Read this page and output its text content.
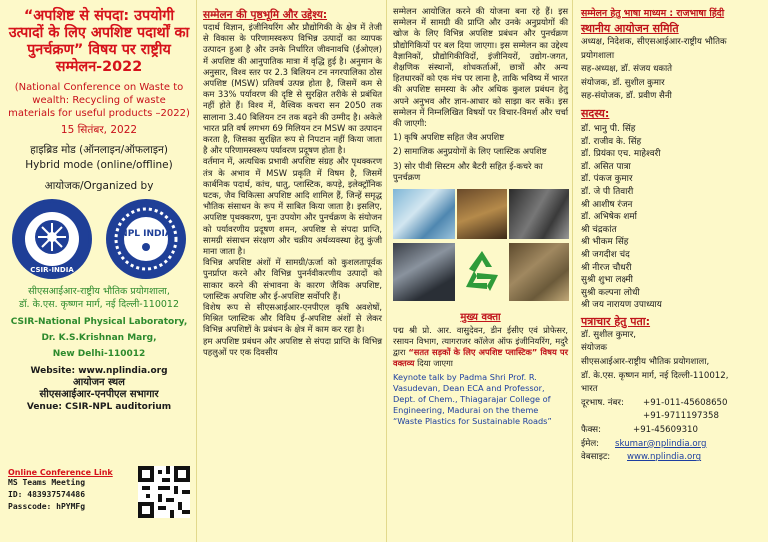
“अपशिष्ट से संपदा: उपयोगी उत्पादों के लिए अपशिष्ट पदार्थों का पुनर्चक्रण” विषय पर राष्ट्रीय सम्मेलन-2022
(National Conference on Waste to wealth: Recycling of waste materials for useful products –2022)
15 सितंबर, 2022
हाइब्रिड मोड (ऑनलाइन/ऑफलाइन)
Hybrid mode (online/offline)
आयोजक/Organized by
CSIR-INDIA
NPL INDIA
सीएसआईआर-राष्ट्रीय भौतिक प्रयोगशाला,
डॉ. के.एस. कृष्णन मार्ग, नई दिल्ली-110012
CSIR-National Physical Laboratory,
Dr. K.S.Krishnan Marg,
New Delhi-110012
Website: www.nplindia.org
आयोजन स्थल
सीएसआईआर-एनपीएल सभागार
Venue: CSIR-NPL auditorium
Online Conference Link
MS Teams Meeting
ID: 483937574486
Passcode: hPYMFg
सम्मेलन की पृष्ठभूमि और उद्देश्य:
पदार्थ विज्ञान, इंजीनियरिंग और प्रौद्योगिकी के क्षेत्र में तेजी से विकास के परिणामस्वरूप विभिन्न उत्पादों का व्यापक उत्पादन हुआ है और उनके निर्धारित जीवनावधि (ईओएल) में अपशिष्ट की आनुपातिक मात्रा में वृद्धि हुई है। अनुमान के अनुसार, विश्व स्तर पर 2.3 बिलियन टन नगरपालिका ठोस अपशिष्ट (MSW) प्रतिवर्ष उत्पन्न होता है, जिसमें कम से कम 33% पर्यावरण की दृष्टि से सुरक्षित तरीके से प्रबंधित नहीं होते हैं। विश्व में, वैश्विक कचरा सन 2050 तक सालाना 3.40 बिलियन टन तक बढ़ने की उम्मीद है। अकेले भारत प्रति वर्ष लगभग 69 मिलियन टन MSW का उत्पादन करता है, जिसका सुरक्षित रूप से निपटान नहीं किया जाता है और परिणामस्वरूप पर्यावरण प्रदूषण होता है।
वर्तमान में, अत्यधिक प्रभावी अपशिष्ट संग्रह और पृथक्करण तंत्र के अभाव में MSW प्रकृति में विषम है, जिसमें कार्बनिक पदार्थ, कांच, धातु, प्लास्टिक, कपड़े, इलेक्ट्रॉनिक घटक, जैव चिकित्सा अपशिष्ट आदि शामिल हैं, जिन्हें समृद्ध भौतिक संसाधन के रूप में साबित किया जाता है। इसलिए, अपशिष्ट पृथक्करण, पुनः उपयोग और पुनर्चक्रण के संयोजन को पर्यावरणीय प्रदूषण शमन, अपशिष्ट से संपदा प्राप्ति, सामग्री संसाधन संरक्षण और चक्रीय अर्थव्यवस्था हेतु कुंजी माना जाता है।
विभिन्न अपशिष्ट अंशों में सामग्री/ऊर्जा को कुशलतापूर्वक पुनर्प्राप्त करने और विभिन्न पुनर्नवीकरणीय उत्पादों को साकार करने की संभावना के कारण जैविक अपशिष्ट, प्लास्टिक अपशिष्ट और ई-अपशिष्ट सर्वोपरि हैं।
विशेष रूप से सीएसआईआर-एनपीएल कृषि अवशेषों, मिश्रित प्लास्टिक और विविध ई-अपशिष्ट अंशों से लेकर विभिन्न अपशिष्टों के प्रबंधन के क्षेत्र में काम कर रहा है।
हम अपशिष्ट प्रबंधन और अपशिष्ट से संपदा प्राप्ति के विभिन्न पहलुओं पर एक दिवसीय
सम्मेलन आयोजित करने की योजना बना रहे हैं। इस सम्मेलन में सामग्री की प्राप्ति और उनके अनुप्रयोगों की खोज के लिए विभिन्न अपशिष्ट प्रबंधन और पुनर्चक्रण प्रौद्योगिकियों पर बल दिया जाएगा। इस सम्मेलन का उद्देश्य वैज्ञानिकों, प्रौद्योगिकीविदों, इंजीनियरों, उद्योग-जगत, शैक्षणिक संस्थानों, शोधकर्ताओं, छात्रों और अन्य हितधारकों को एक मंच पर लाना है, ताकि भविष्य में भारत की अपशिष्ट समस्या के और अधिक कुशल प्रबंधन हेतु अपने अनुभव और ज्ञान-आधार को साझा कर सकें। इस सम्मेलन में निम्नलिखित विषयों पर विचार-विमर्श और चर्चा की जाएगी:
1) कृषि अपशिष्ट सहित जैव अपशिष्ट
2) सामाजिक अनुप्रयोगों के लिए प्लास्टिक अपशिष्ट
3) सोर पीवी सिस्टम और बैटरी सहित ई-कचरे का पुनर्चक्रण
मुख्य वक्ता
पद्म श्री प्रो. आर. वासुदेवन, डीन ईसीए एवं प्रोफेसर, रसायन विभाग, त्यागराजर कॉलेज ऑफ इंजीनियरिंग, मदुरै द्वारा “सतत सड़कों के लिए अपशिष्ट प्लास्टिक” विषय पर वक्तव्य दिया जाएगा
Keynote talk by Padma Shri Prof. R. Vasudevan, Dean ECA and Professor, Dept. of Chem., Thiagarajar College of Engineering, Madurai on the theme “Waste Plastics for Sustainable Roads”
सम्मेलन हेतु भाषा माध्यम : राजभाषा हिंदी
स्थानीय आयोजन समिति
अध्यक्ष, निदेशक, सीएसआईआर-राष्ट्रीय भौतिक प्रयोगशाला
सह-अध्यक्ष, डॉ. संजय धकाते
संयोजक, डॉ. सुशील कुमार
सह-संयोजक, डॉ. प्रवीण सैनी
सदस्य:
डॉ. भानु पी. सिंह
डॉ. राजीव के. सिंह
डॉ. प्रियंका एच. माहेश्वरी
डॉ. असित पात्रा
डॉ. पंकज कुमार
डॉ. जे पी तिवारी
श्री आशीष रंजन
डॉ. अभिषेक शर्मा
श्री चंद्रकांत
श्री भीकम सिंह
श्री जगदीश चंद
श्री नीरज चौधरी
सुश्री शुभा लक्ष्मी
सुश्री कल्पना लोधी
श्री जय नारायण उपाध्याय
पत्राचार हेतु पता:
डॉ. सुशील कुमार,
संयोजक
सीएसआईआर-राष्ट्रीय भौतिक प्रयोगशाला,
डॉ. के.एस. कृष्णन मार्ग, नई दिल्ली-110012,
भारत
दूरभाष. नंबर:	+91-011-45608650
+91-9711197358
फैक्स:	+91-45609310
ईमेल:	skumar@nplindia.org
वेबसाइट:	www.nplindia.org
